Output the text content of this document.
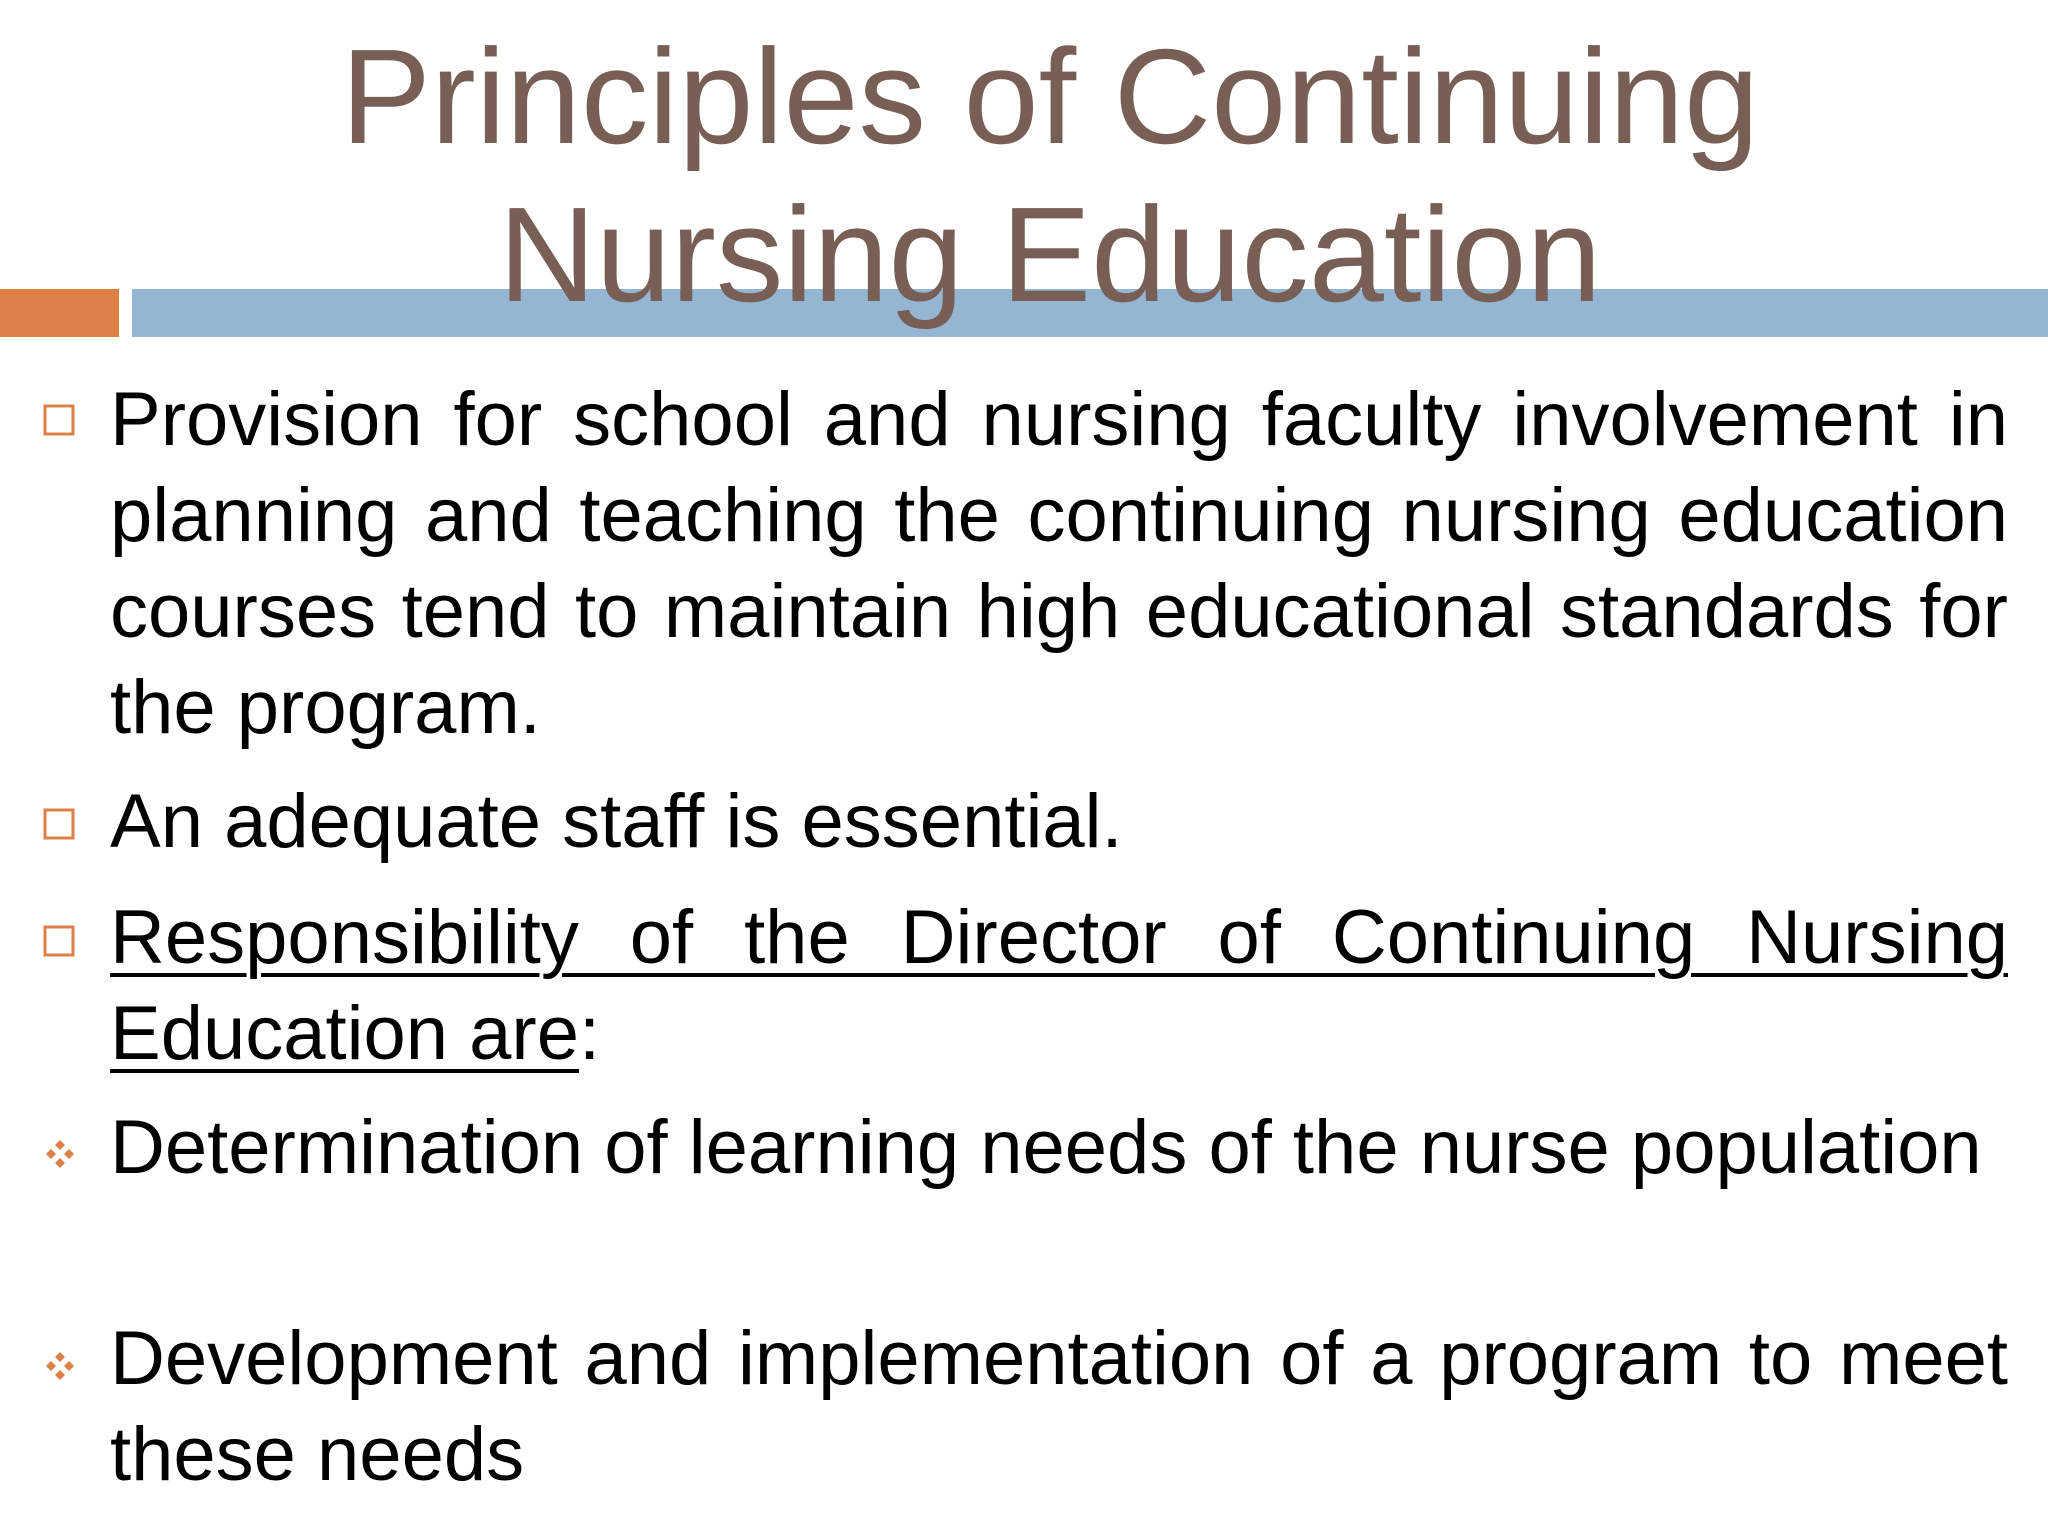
Principles of Continuing
Nursing Education

Provision for school and nursing faculty involvement in planning and teaching the continuing nursing education courses tend to maintain high educational standards for the program.

An adequate staff is essential.

Responsibility of the Director of Continuing Nursing Education are:

Determination of learning needs of the nurse population

Development and implementation of a program to meet these needs
